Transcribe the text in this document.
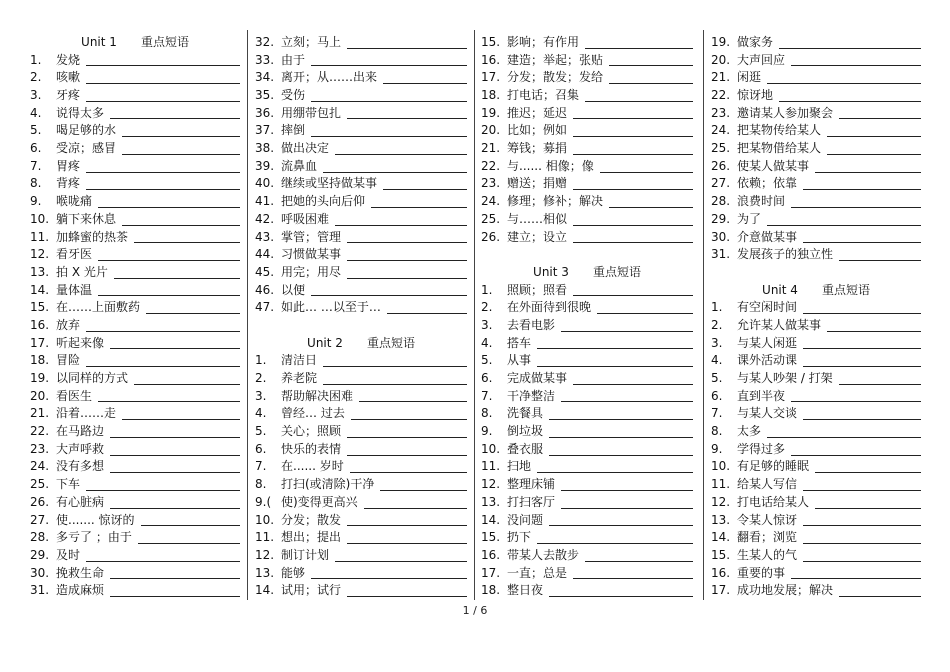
Unit 1 重点短语
1.	发烧
2.	咳嗽
3.	牙疼
4.	说得太多
5.	喝足够的水
6.	受凉；感冒
7.	胃疼
8.	背疼
9.	喉咙痛
10. 躺下来休息
11. 加蜂蜜的热茶
12. 看牙医
13. 拍 X 光片
14. 量体温
15. 在……上面敷药
16. 放弃
17. 听起来像
18. 冒险
19. 以同样的方式
20. 看医生
21. 沿着……走
22. 在马路边
23. 大声呼救
24. 没有多想
25. 下车
26. 有心脏病
27. 使....... 惊讶的
28. 多亏了 ；由于
29. 及时
30. 挽救生命
31. 造成麻烦
32. 立刻；马上
33. 由于
34. 离开；从……出来
35. 受伤
36. 用绷带包扎
37. 摔倒
38. 做出决定
39. 流鼻血
40. 继续或坚持做某事
41. 把她的头向后仰
42. 呼吸困难
43. 掌管；管理
44. 习惯做某事
45. 用完；用尽
46. 以便
47. 如此… …以至于…
Unit 2 重点短语
1.	清洁日
2.	养老院
3.	帮助解决困难
4.	曾经… 过去
5.	关心；照顾
6.	快乐的表情
7.	在...... 岁时
8.	打扫(或清除)干净
9.( 使)变得更高兴
10. 分发；散发
11. 想出；提出
12. 制订计划
13. 能够
14. 试用；试行
15. 影响；有作用
16. 建造；举起；张贴
17. 分发；散发；发给
18. 打电话；召集
19. 推迟；延迟
20. 比如；例如
21. 筹钱；募捐
22. 与...... 相像；像
23. 赠送；捐赠
24. 修理；修补；解决
25. 与……相似
26. 建立；设立
Unit 3 重点短语
1.	照顾；照看
2.	在外面待到很晚
3.	去看电影
4.	搭车
5.	从事
6.	完成做某事
7.	干净整洁
8.	洗餐具
9.	倒垃圾
10. 叠衣服
11. 扫地
12. 整理床铺
13. 打扫客厅
14. 没问题
15. 扔下
16. 带某人去散步
17. 一直；总是
18. 整日夜
19. 做家务
20. 大声回应
21. 闲逛
22. 惊讶地
23. 邀请某人参加聚会
24. 把某物传给某人
25. 把某物借给某人
26. 使某人做某事
27. 依赖；依靠
28. 浪费时间
29. 为了
30. 介意做某事
31. 发展孩子的独立性
Unit 4 重点短语
1.	有空闲时间
2.	允许某人做某事
3.	与某人闲逛
4.	课外活动课
5.	与某人吵架 / 打架
6.	直到半夜
7.	与某人交谈
8.	太多
9.	学得过多
10. 有足够的睡眠
11. 给某人写信
12. 打电话给某人
13. 令某人惊讶
14. 翻看；浏览
15. 生某人的气
16. 重要的事
17. 成功地发展；解决
1 / 6
